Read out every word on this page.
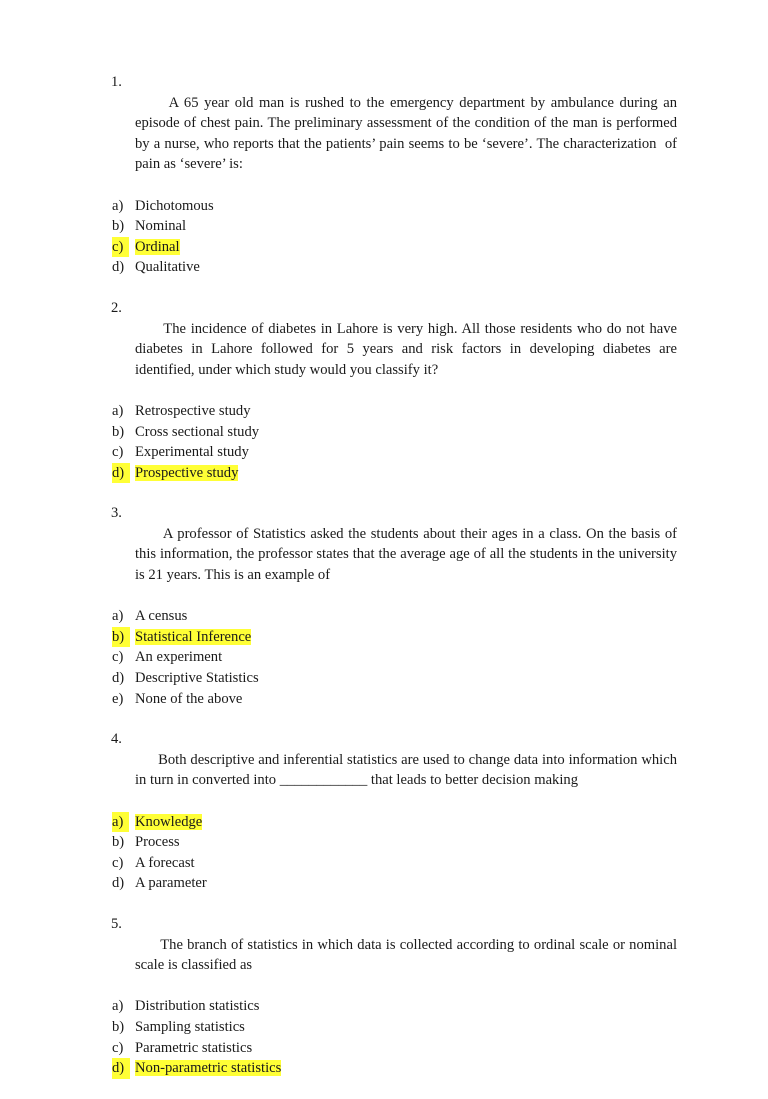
1.
A 65 year old man is rushed to the emergency department by ambulance during an episode of chest pain. The preliminary assessment of the condition of the man is performed by a nurse, who reports that the patients’ pain seems to be ‘severe’. The characterization  of pain as ‘severe’ is:

a) Dichotomous
b) Nominal
c) Ordinal
d) Qualitative

2.
The incidence of diabetes in Lahore is very high. All those residents who do not have diabetes in Lahore followed for 5 years and risk factors in developing diabetes are identified, under which study would you classify it?

a) Retrospective study
b) Cross sectional study
c) Experimental study
d) Prospective study

3.
A professor of Statistics asked the students about their ages in a class. On the basis of this information, the professor states that the average age of all the students in the university is 21 years. This is an example of

a) A census
b) Statistical Inference
c) An experiment
d) Descriptive Statistics
e) None of the above

4.
Both descriptive and inferential statistics are used to change data into information which in turn in converted into ____________ that leads to better decision making

a) Knowledge
b) Process
c) A forecast
d) A parameter

5.
The branch of statistics in which data is collected according to ordinal scale or nominal scale is classified as

a) Distribution statistics
b) Sampling statistics
c) Parametric statistics
d) Non-parametric statistics
